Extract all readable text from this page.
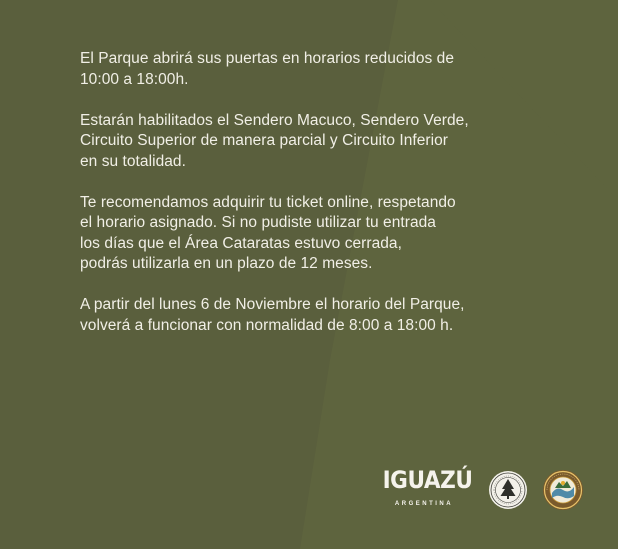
El Parque abrirá sus puertas en horarios reducidos de
10:00 a 18:00h.

Estarán habilitados el Sendero Macuco, Sendero Verde,
Circuito Superior de manera parcial y Circuito Inferior
en su totalidad.

Te recomendamos adquirir tu ticket online, respetando
el horario asignado. Si no pudiste utilizar tu entrada
los días que el Área Cataratas estuvo cerrada,
podrás utilizarla en un plazo de 12 meses.

A partir del lunes 6 de Noviembre el horario del Parque,
volverá a funcionar con normalidad de 8:00 a 18:00 h.

IGUAZÚ
ARGENTINA
